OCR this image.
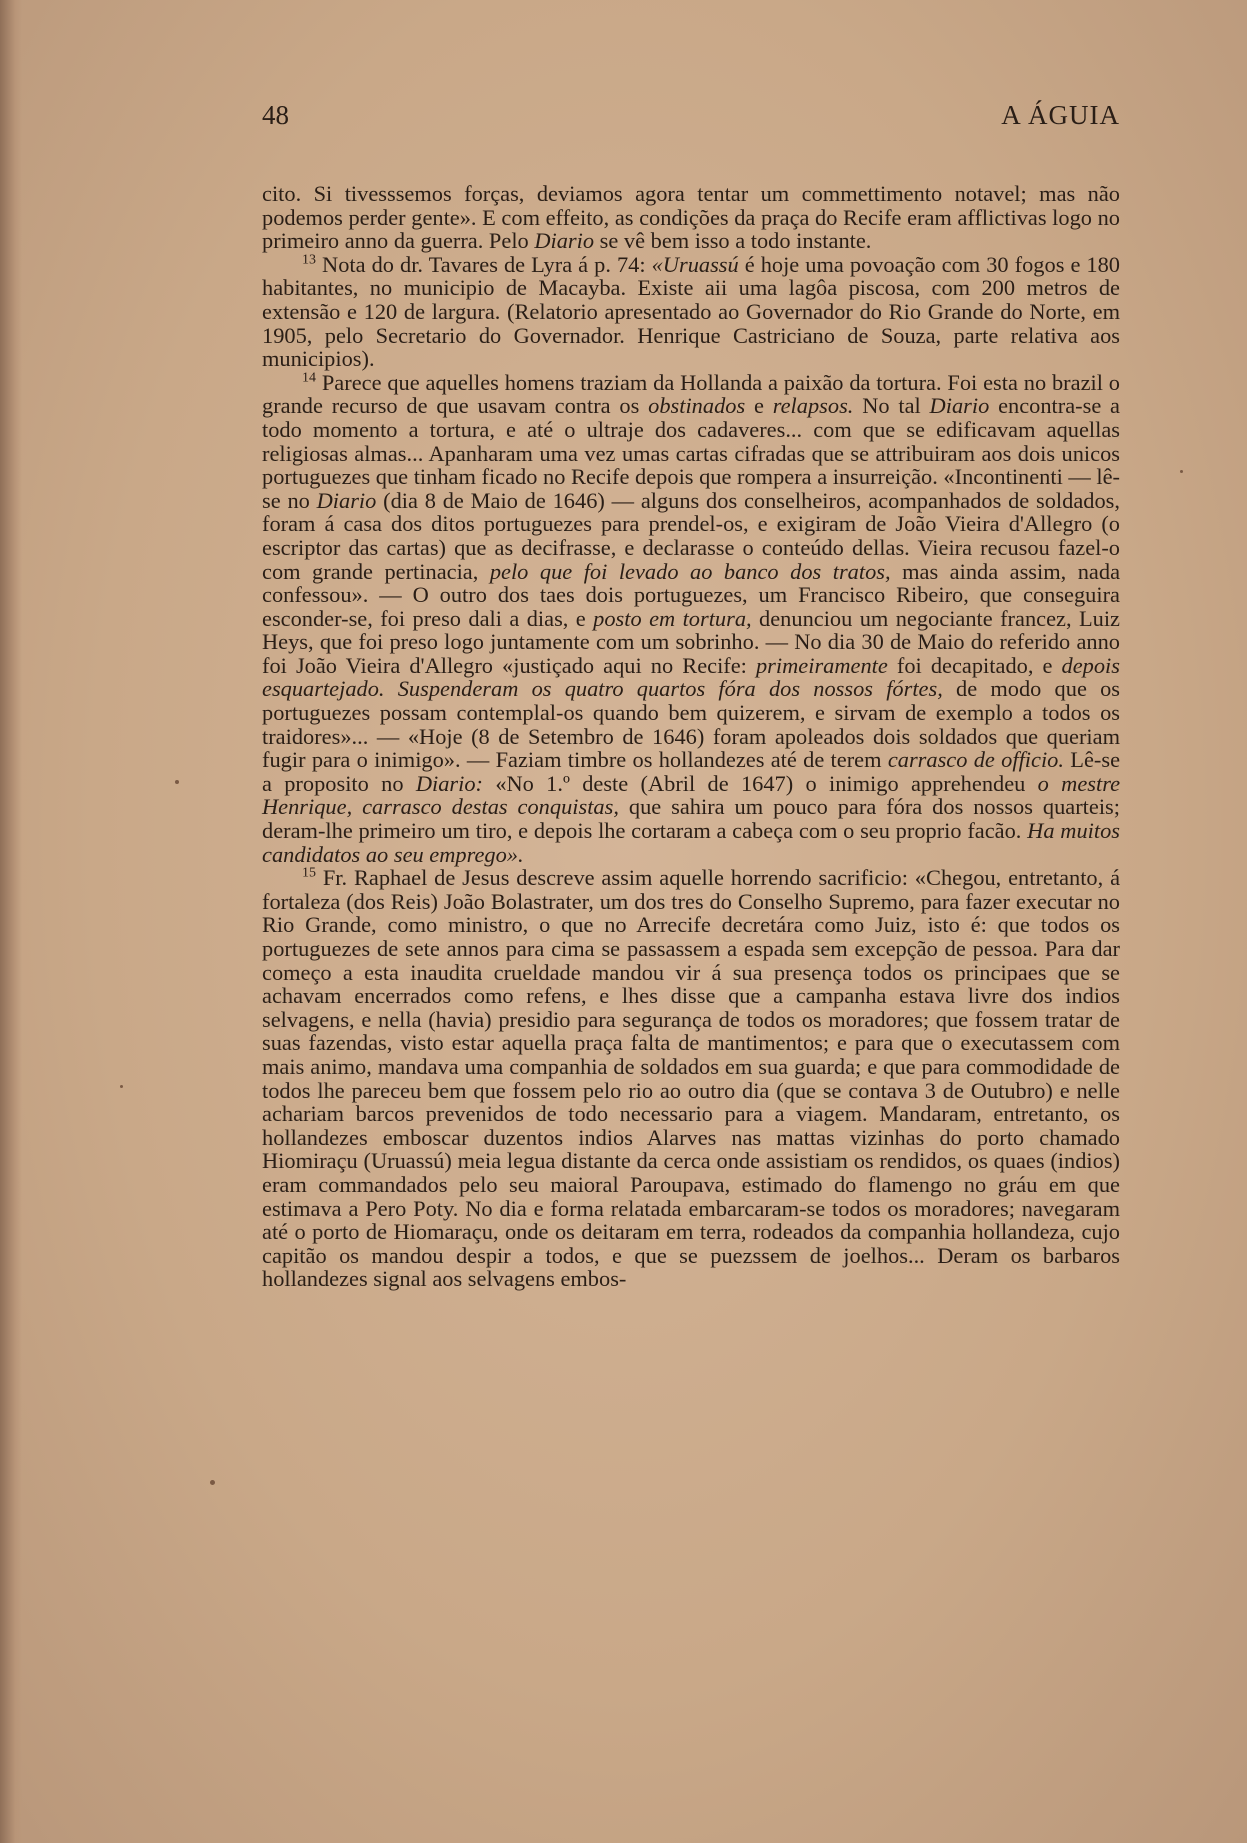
48	A ÁGUIA

cito. Si tivesssemos forças, deviamos agora tentar um commettimento notavel; mas não podemos perder gente». E com effeito, as condições da praça do Recife eram afflictivas logo no primeiro anno da guerra. Pelo Diario se vê bem isso a todo instante.

$^{13}$ Nota do dr. Tavares de Lyra á p. 74: «Uruassú é hoje uma povoação com 30 fogos e 180 habitantes, no municipio de Macayba. Existe aii uma lagôa piscosa, com 200 metros de extensão e 120 de largura. (Relatorio apresentado ao Governador do Rio Grande do Norte, em 1905, pelo Secretario do Governador. Henrique Castriciano de Souza, parte relativa aos municipios).

$^{14}$ Parece que aquelles homens traziam da Hollanda a paixão da tortura. Foi esta no brazil o grande recurso de que usavam contra os obstinados e relapsos. No tal Diario encontra-se a todo momento a tortura, e até o ultraje dos cadaveres... com que se edificavam aquellas religiosas almas... Apanharam uma vez umas cartas cifradas que se attribuiram aos dois unicos portuguezes que tinham ficado no Recife depois que rompera a insurreição. «Incontinenti — lê-se no Diario (dia 8 de Maio de 1646) — alguns dos conselheiros, acompanhados de soldados, foram á casa dos ditos portuguezes para prendel-os, e exigiram de João Vieira d'Allegro (o escriptor das cartas) que as decifrasse, e declarasse o conteúdo dellas. Vieira recusou fazel-o com grande pertinacia, pelo que foi levado ao banco dos tratos, mas ainda assim, nada confessou». — O outro dos taes dois portuguezes, um Francisco Ribeiro, que conseguira esconder-se, foi preso dali a dias, e posto em tortura, denunciou um negociante francez, Luiz Heys, que foi preso logo juntamente com um sobrinho. — No dia 30 de Maio do referido anno foi João Vieira d'Allegro «justiçado aqui no Recife: primeiramente foi decapitado, e depois esquartejado. Suspenderam os quatro quartos fóra dos nossos fórtes, de modo que os portuguezes possam contemplal-os quando bem quizerem, e sirvam de exemplo a todos os traidores»... — «Hoje (8 de Setembro de 1646) foram apoleados dois soldados que queriam fugir para o inimigo». — Faziam timbre os hollandezes até de terem carrasco de officio. Lê-se a proposito no Diario: «No 1.º deste (Abril de 1647) o inimigo apprehendeu o mestre Henrique, carrasco destas conquistas, que sahira um pouco para fóra dos nossos quarteis; deram-lhe primeiro um tiro, e depois lhe cortaram a cabeça com o seu proprio facão. Ha muitos candidatos ao seu emprego».

$^{15}$ Fr. Raphael de Jesus descreve assim aquelle horrendo sacrificio: «Chegou, entretanto, á fortaleza (dos Reis) João Bolastrater, um dos tres do Conselho Supremo, para fazer executar no Rio Grande, como ministro, o que no Arrecife decretára como Juiz, isto é: que todos os portuguezes de sete annos para cima se passassem a espada sem excepção de pessoa. Para dar começo a esta inaudita crueldade mandou vir á sua presença todos os principaes que se achavam encerrados como refens, e lhes disse que a campanha estava livre dos indios selvagens, e nella (havia) presidio para segurança de todos os moradores; que fossem tratar de suas fazendas, visto estar aquella praça falta de mantimentos; e para que o executassem com mais animo, mandava uma companhia de soldados em sua guarda; e que para commodidade de todos lhe pareceu bem que fossem pelo rio ao outro dia (que se contava 3 de Outubro) e nelle achariam barcos prevenidos de todo necessario para a viagem. Mandaram, entretanto, os hollandezes emboscar duzentos indios Alarves nas mattas vizinhas do porto chamado Hiomiraçu (Uruassú) meia legua distante da cerca onde assistiam os rendidos, os quaes (indios) eram commandados pelo seu maioral Paroupava, estimado do flamengo no gráu em que estimava a Pero Poty. No dia e forma relatada embarcaram-se todos os moradores; navegaram até o porto de Hiomaraçu, onde os deitaram em terra, rodeados da companhia hollandeza, cujo capitão os mandou despir a todos, e que se puezssem de joelhos... Deram os barbaros hollandezes signal aos selvagens embos-
